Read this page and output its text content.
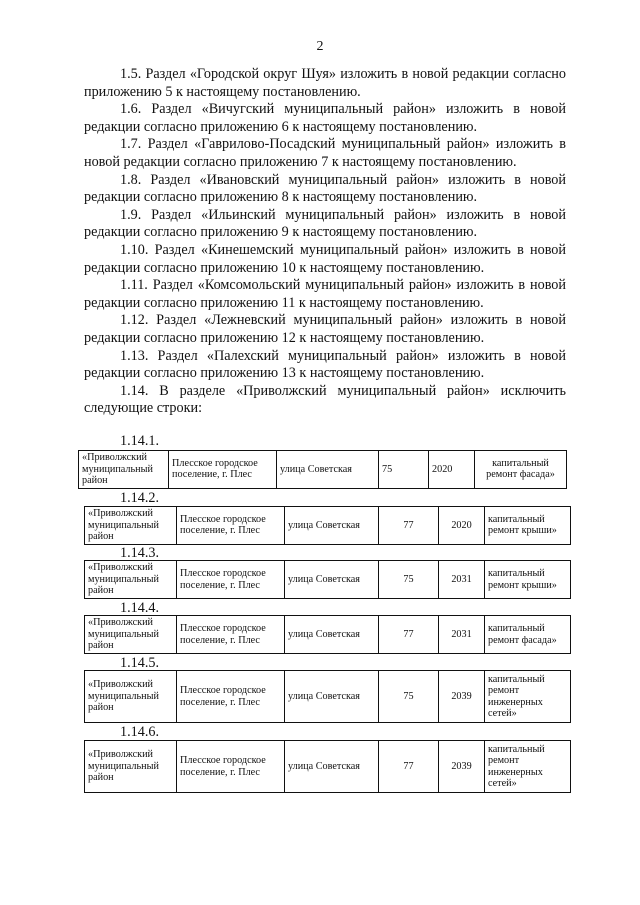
2

1.5. Раздел «Городской округ Шуя» изложить в новой редакции согласно приложению 5 к настоящему постановлению.

1.6. Раздел «Вичугский муниципальный район» изложить в новой редакции согласно приложению 6 к настоящему постановлению.

1.7. Раздел «Гаврилово-Посадский муниципальный район» изложить в новой редакции согласно приложению 7 к настоящему постановлению.

1.8. Раздел «Ивановский муниципальный район» изложить в новой редакции согласно приложению 8 к настоящему постановлению.

1.9. Раздел «Ильинский муниципальный район» изложить в новой редакции согласно приложению 9 к настоящему постановлению.

1.10. Раздел «Кинешемский муниципальный район» изложить в новой редакции согласно приложению 10 к настоящему постановлению.

1.11. Раздел «Комсомольский муниципальный район» изложить в новой редакции согласно приложению 11 к настоящему постановлению.

1.12. Раздел «Лежневский муниципальный район» изложить в новой редакции согласно приложению 12 к настоящему постановлению.

1.13. Раздел «Палехский муниципальный район» изложить в новой редакции согласно приложению 13 к настоящему постановлению.

1.14. В разделе «Приволжский муниципальный район» исключить следующие строки:

1.14.1.
«Приволжский муниципальный район	Плесское городское поселение, г. Плес	улица Советская	75	2020	капитальный ремонт фасада»
1.14.2.
«Приволжский муниципальный район	Плесское городское поселение, г. Плес	улица Советская	77	2020	капитальный ремонт крыши»
1.14.3.
«Приволжский муниципальный район	Плесское городское поселение, г. Плес	улица Советская	75	2031	капитальный ремонт крыши»
1.14.4.
«Приволжский муниципальный район	Плесское городское поселение, г. Плес	улица Советская	77	2031	капитальный ремонт фасада»
1.14.5.
«Приволжский муниципальный район	Плесское городское поселение, г. Плес	улица Советская	75	2039	капитальный ремонт инженерных сетей»
1.14.6.
«Приволжский муниципальный район	Плесское городское поселение, г. Плес	улица Советская	77	2039	капитальный ремонт инженерных сетей»
